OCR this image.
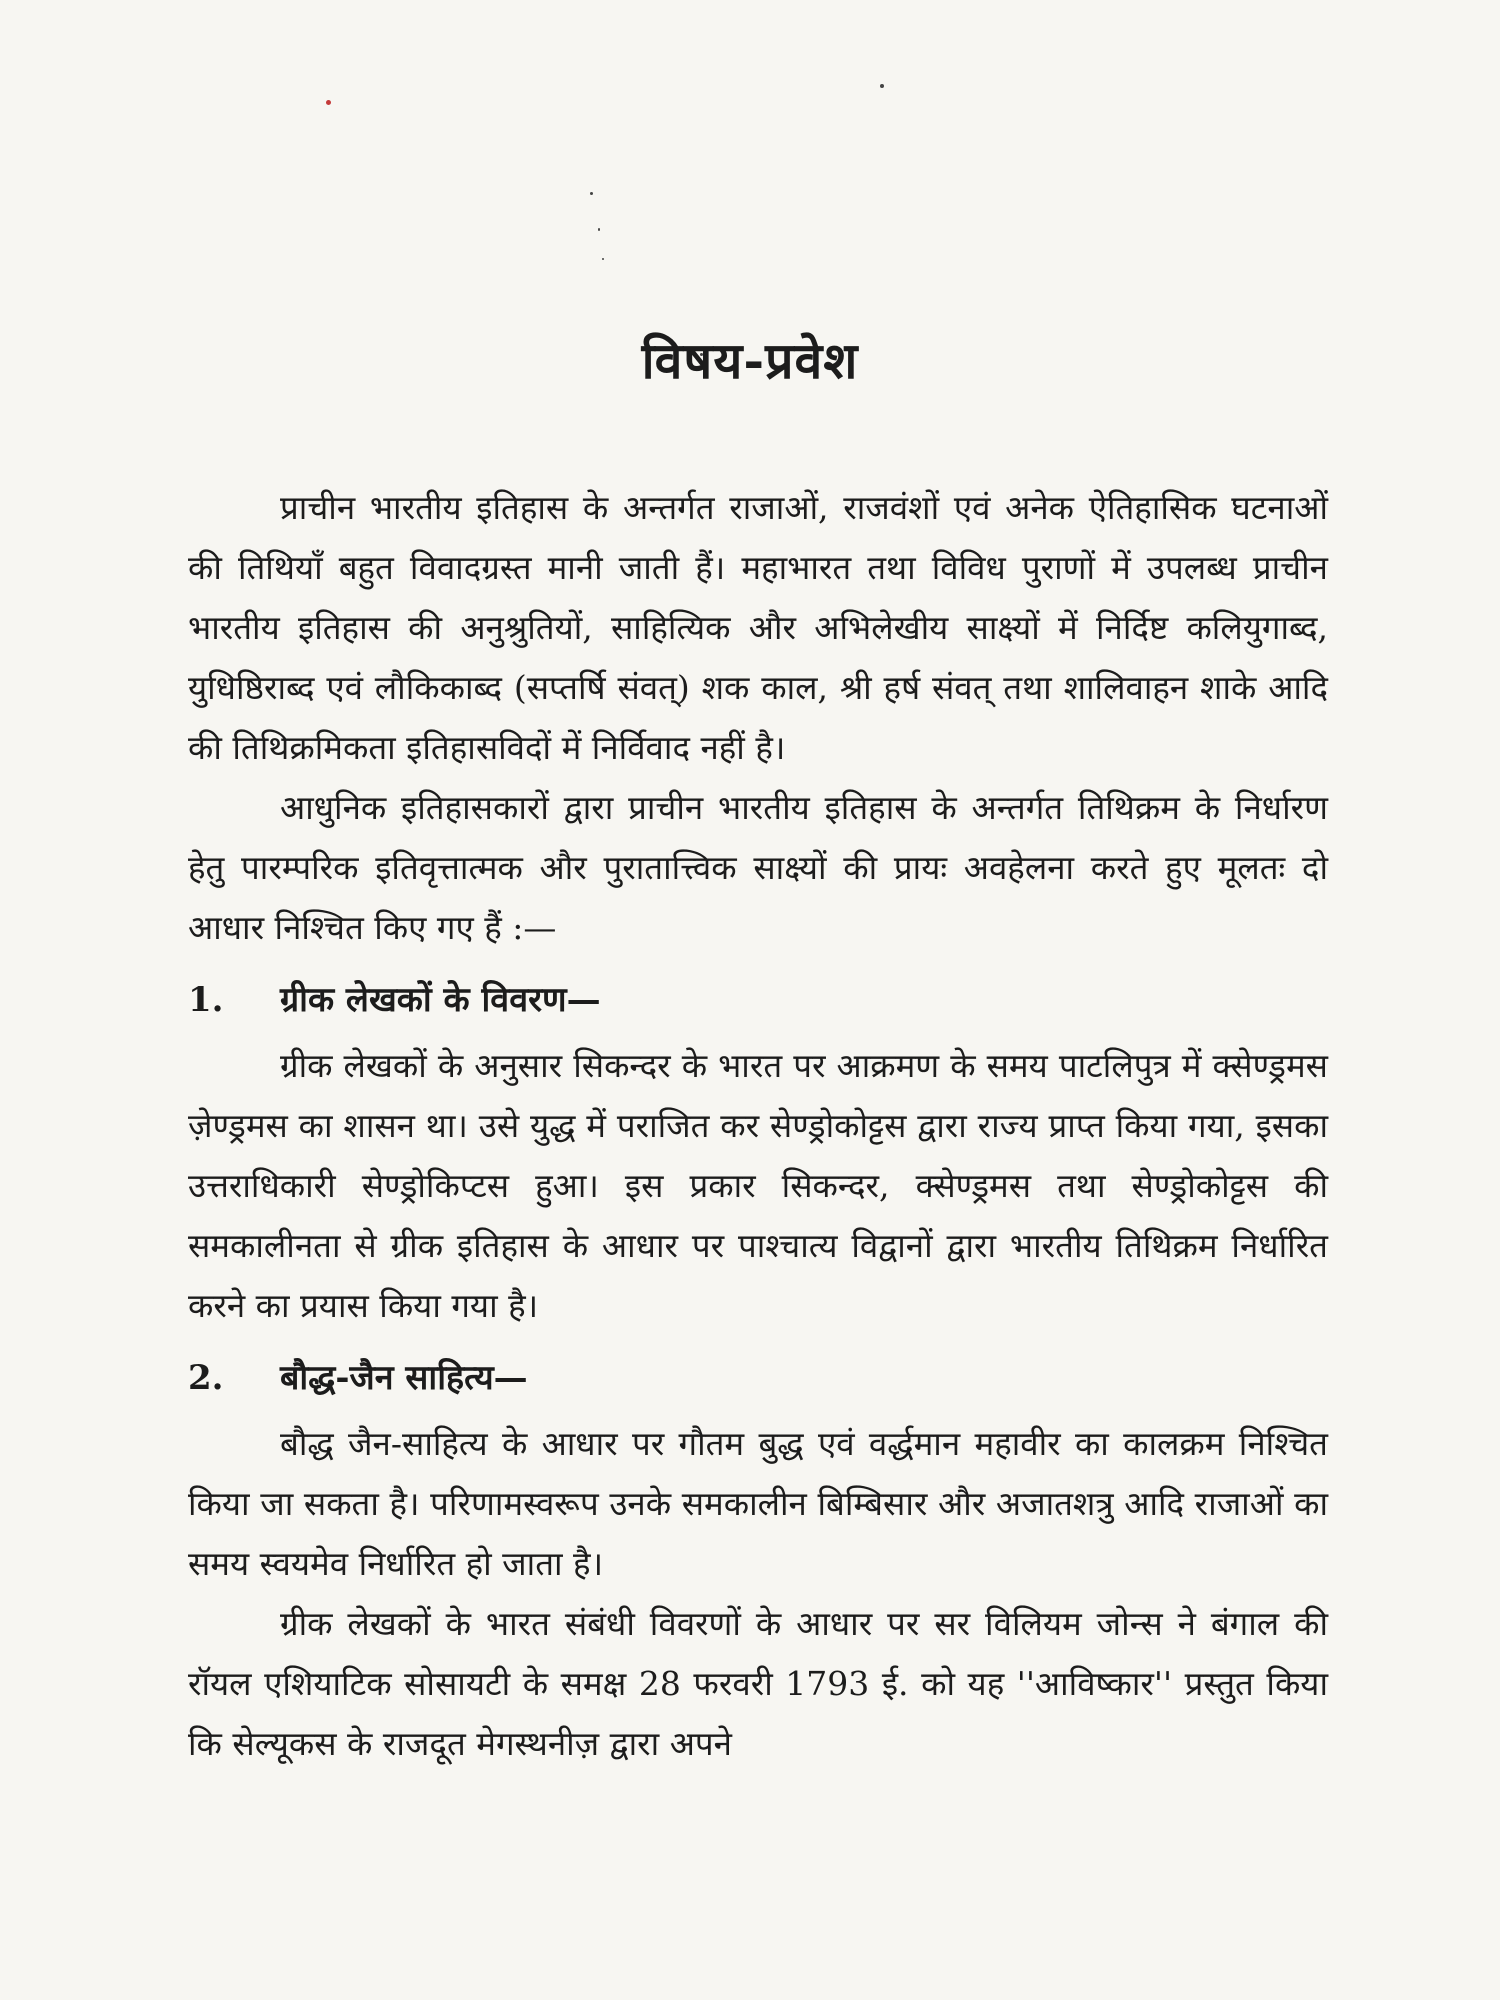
विषय-प्रवेश

प्राचीन भारतीय इतिहास के अन्तर्गत राजाओं, राजवंशों एवं अनेक ऐतिहासिक घटनाओं की तिथियाँ बहुत विवादग्रस्त मानी जाती हैं। महाभारत तथा विविध पुराणों में उपलब्ध प्राचीन भारतीय इतिहास की अनुश्रुतियों, साहित्यिक और अभिलेखीय साक्ष्यों में निर्दिष्ट कलियुगाब्द, युधिष्ठिराब्द एवं लौकिकाब्द (सप्तर्षि संवत्) शक काल, श्री हर्ष संवत् तथा शालिवाहन शाके आदि की तिथिक्रमिकता इतिहासविदों में निर्विवाद नहीं है।

आधुनिक इतिहासकारों द्वारा प्राचीन भारतीय इतिहास के अन्तर्गत तिथिक्रम के निर्धारण हेतु पारम्परिक इतिवृत्तात्मक और पुरातात्त्विक साक्ष्यों की प्रायः अवहेलना करते हुए मूलतः दो आधार निश्चित किए गए हैं :—

1.	ग्रीक लेखकों के विवरण—

ग्रीक लेखकों के अनुसार सिकन्दर के भारत पर आक्रमण के समय पाटलिपुत्र में क्सेण्ड्रमस ज़ेण्ड्रमस का शासन था। उसे युद्ध में पराजित कर सेण्ड्रोकोट्टस द्वारा राज्य प्राप्त किया गया, इसका उत्तराधिकारी सेण्ड्रोकिप्टस हुआ। इस प्रकार सिकन्दर, क्सेण्ड्रमस तथा सेण्ड्रोकोट्टस की समकालीनता से ग्रीक इतिहास के आधार पर पाश्चात्य विद्वानों द्वारा भारतीय तिथिक्रम निर्धारित करने का प्रयास किया गया है।

2.	बौद्ध-जैन साहित्य—

बौद्ध जैन-साहित्य के आधार पर गौतम बुद्ध एवं वर्द्धमान महावीर का कालक्रम निश्चित किया जा सकता है। परिणामस्वरूप उनके समकालीन बिम्बिसार और अजातशत्रु आदि राजाओं का समय स्वयमेव निर्धारित हो जाता है।

ग्रीक लेखकों के भारत संबंधी विवरणों के आधार पर सर विलियम जोन्स ने बंगाल की रॉयल एशियाटिक सोसायटी के समक्ष 28 फरवरी 1793 ई. को यह ''आविष्कार'' प्रस्तुत किया कि सेल्यूकस के राजदूत मेगस्थनीज़ द्वारा अपने
